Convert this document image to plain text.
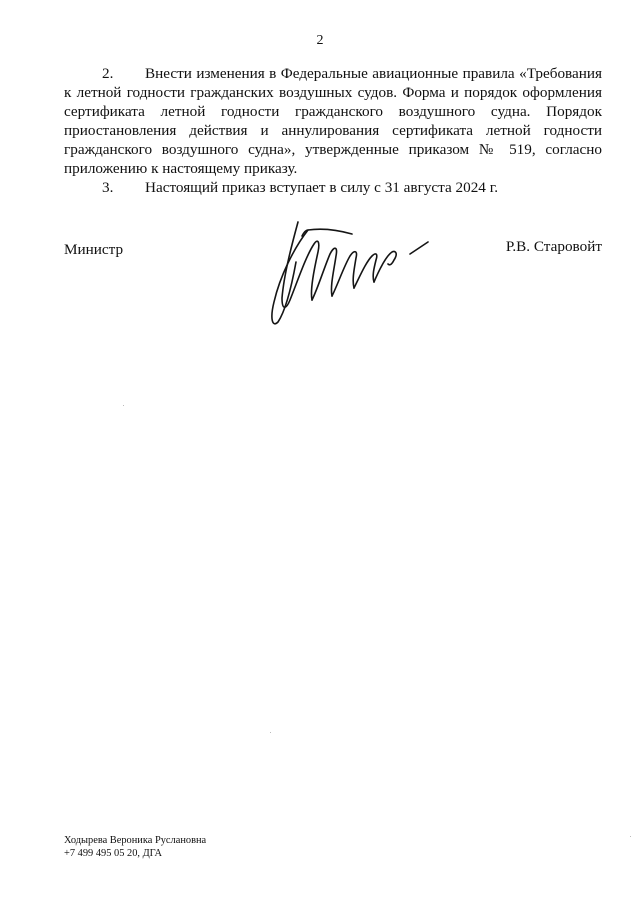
2

2. Внести изменения в Федеральные авиационные правила «Требования к летной годности гражданских воздушных судов. Форма и порядок оформления сертификата летной годности гражданского воздушного судна. Порядок приостановления действия и аннулирования сертификата летной годности гражданского воздушного судна», утвержденные приказом № 519, согласно приложению к настоящему приказу.

3. Настоящий приказ вступает в силу с 31 августа 2024 г.

Министр	Р.В. Старовойт
Ходырева Вероника Руслановна
+7 499 495 05 20, ДГА
